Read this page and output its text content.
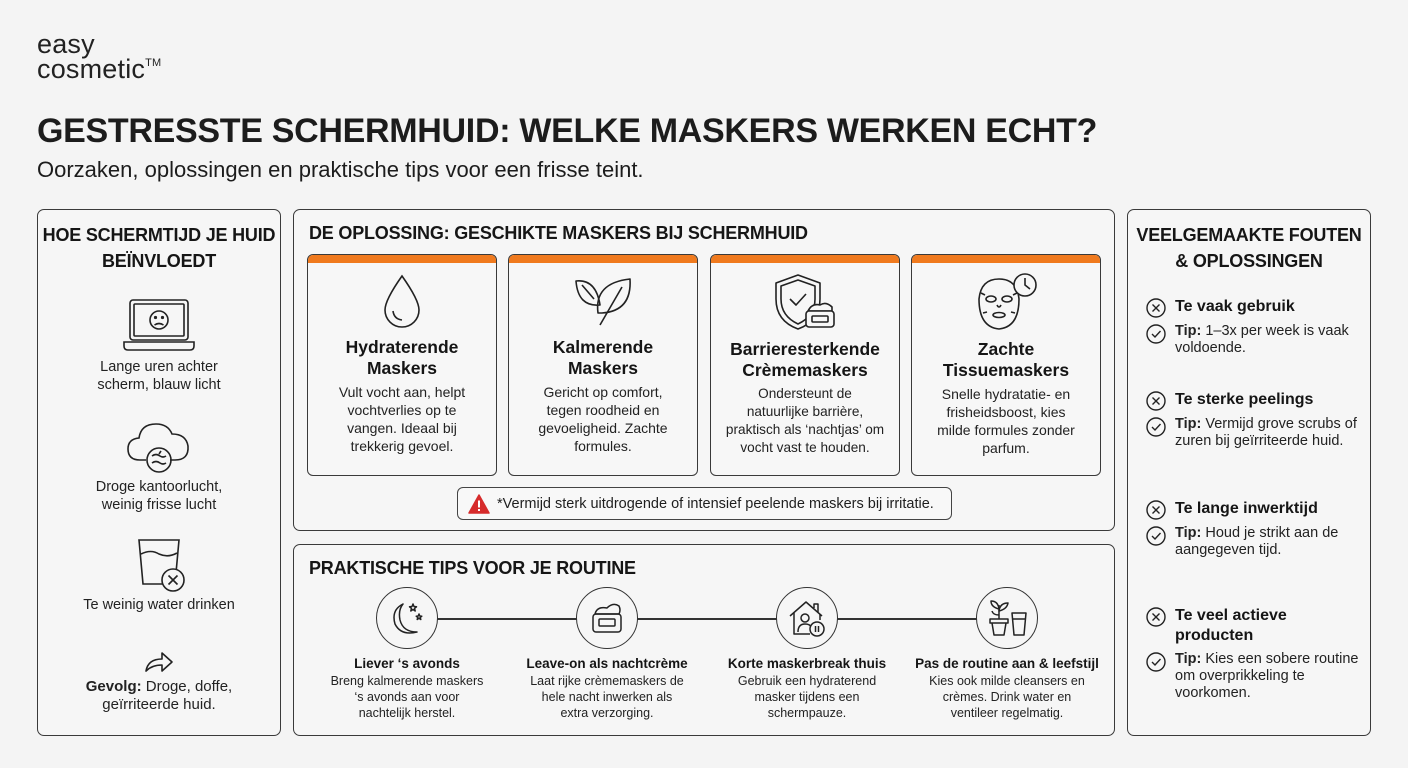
easy
cosmetic™
GESTRESSTE SCHERMHUID: WELKE MASKERS WERKEN ECHT?
Oorzaken, oplossingen en praktische tips voor een frisse teint.
HOE SCHERMTIJD JE HUID BEÏNVLOEDT
Lange uren achter
scherm, blauw licht
Droge kantoorlucht,
weinig frisse lucht
Te weinig water drinken
Gevolg: Droge, doffe,
geïrriteerde huid.
DE OPLOSSING: GESCHIKTE MASKERS BIJ SCHERMHUID
Hydraterende
Maskers
Vult vocht aan, helpt
vochtverlies op te
vangen. Ideaal bij
trekkerig gevoel.
Kalmerende
Maskers
Gericht op comfort,
tegen roodheid en
gevoeligheid. Zachte
formules.
Barrieresterkende
Crèmemaskers
Ondersteunt de
natuurlijke barrière,
praktisch als ‘nachtjas’ om
vocht vast te houden.
Zachte
Tissuemaskers
Snelle hydratatie- en
frisheidsboost, kies
milde formules zonder
parfum.
*Vermijd sterk uitdrogende of intensief peelende maskers bij irritatie.
PRAKTISCHE TIPS VOOR JE ROUTINE
Liever ‘s avonds
Breng kalmerende maskers
‘s avonds aan voor
nachtelijk herstel.
Leave-on als nachtcrème
Laat rijke crèmemaskers de
hele nacht inwerken als
extra verzorging.
Korte maskerbreak thuis
Gebruik een hydraterend
masker tijdens een
schermpauze.
Pas de routine aan & leefstijl
Kies ook milde cleansers en
crèmes. Drink water en
ventileer regelmatig.
VEELGEMAAKTE FOUTEN & OPLOSSINGEN
Te vaak gebruik
Tip: 1–3x per week is vaak voldoende.
Te sterke peelings
Tip: Vermijd grove scrubs of zuren bij geïrriteerde huid.
Te lange inwerktijd
Tip: Houd je strikt aan de aangegeven tijd.
Te veel actieve producten
Tip: Kies een sobere routine om overprikkeling te voorkomen.
